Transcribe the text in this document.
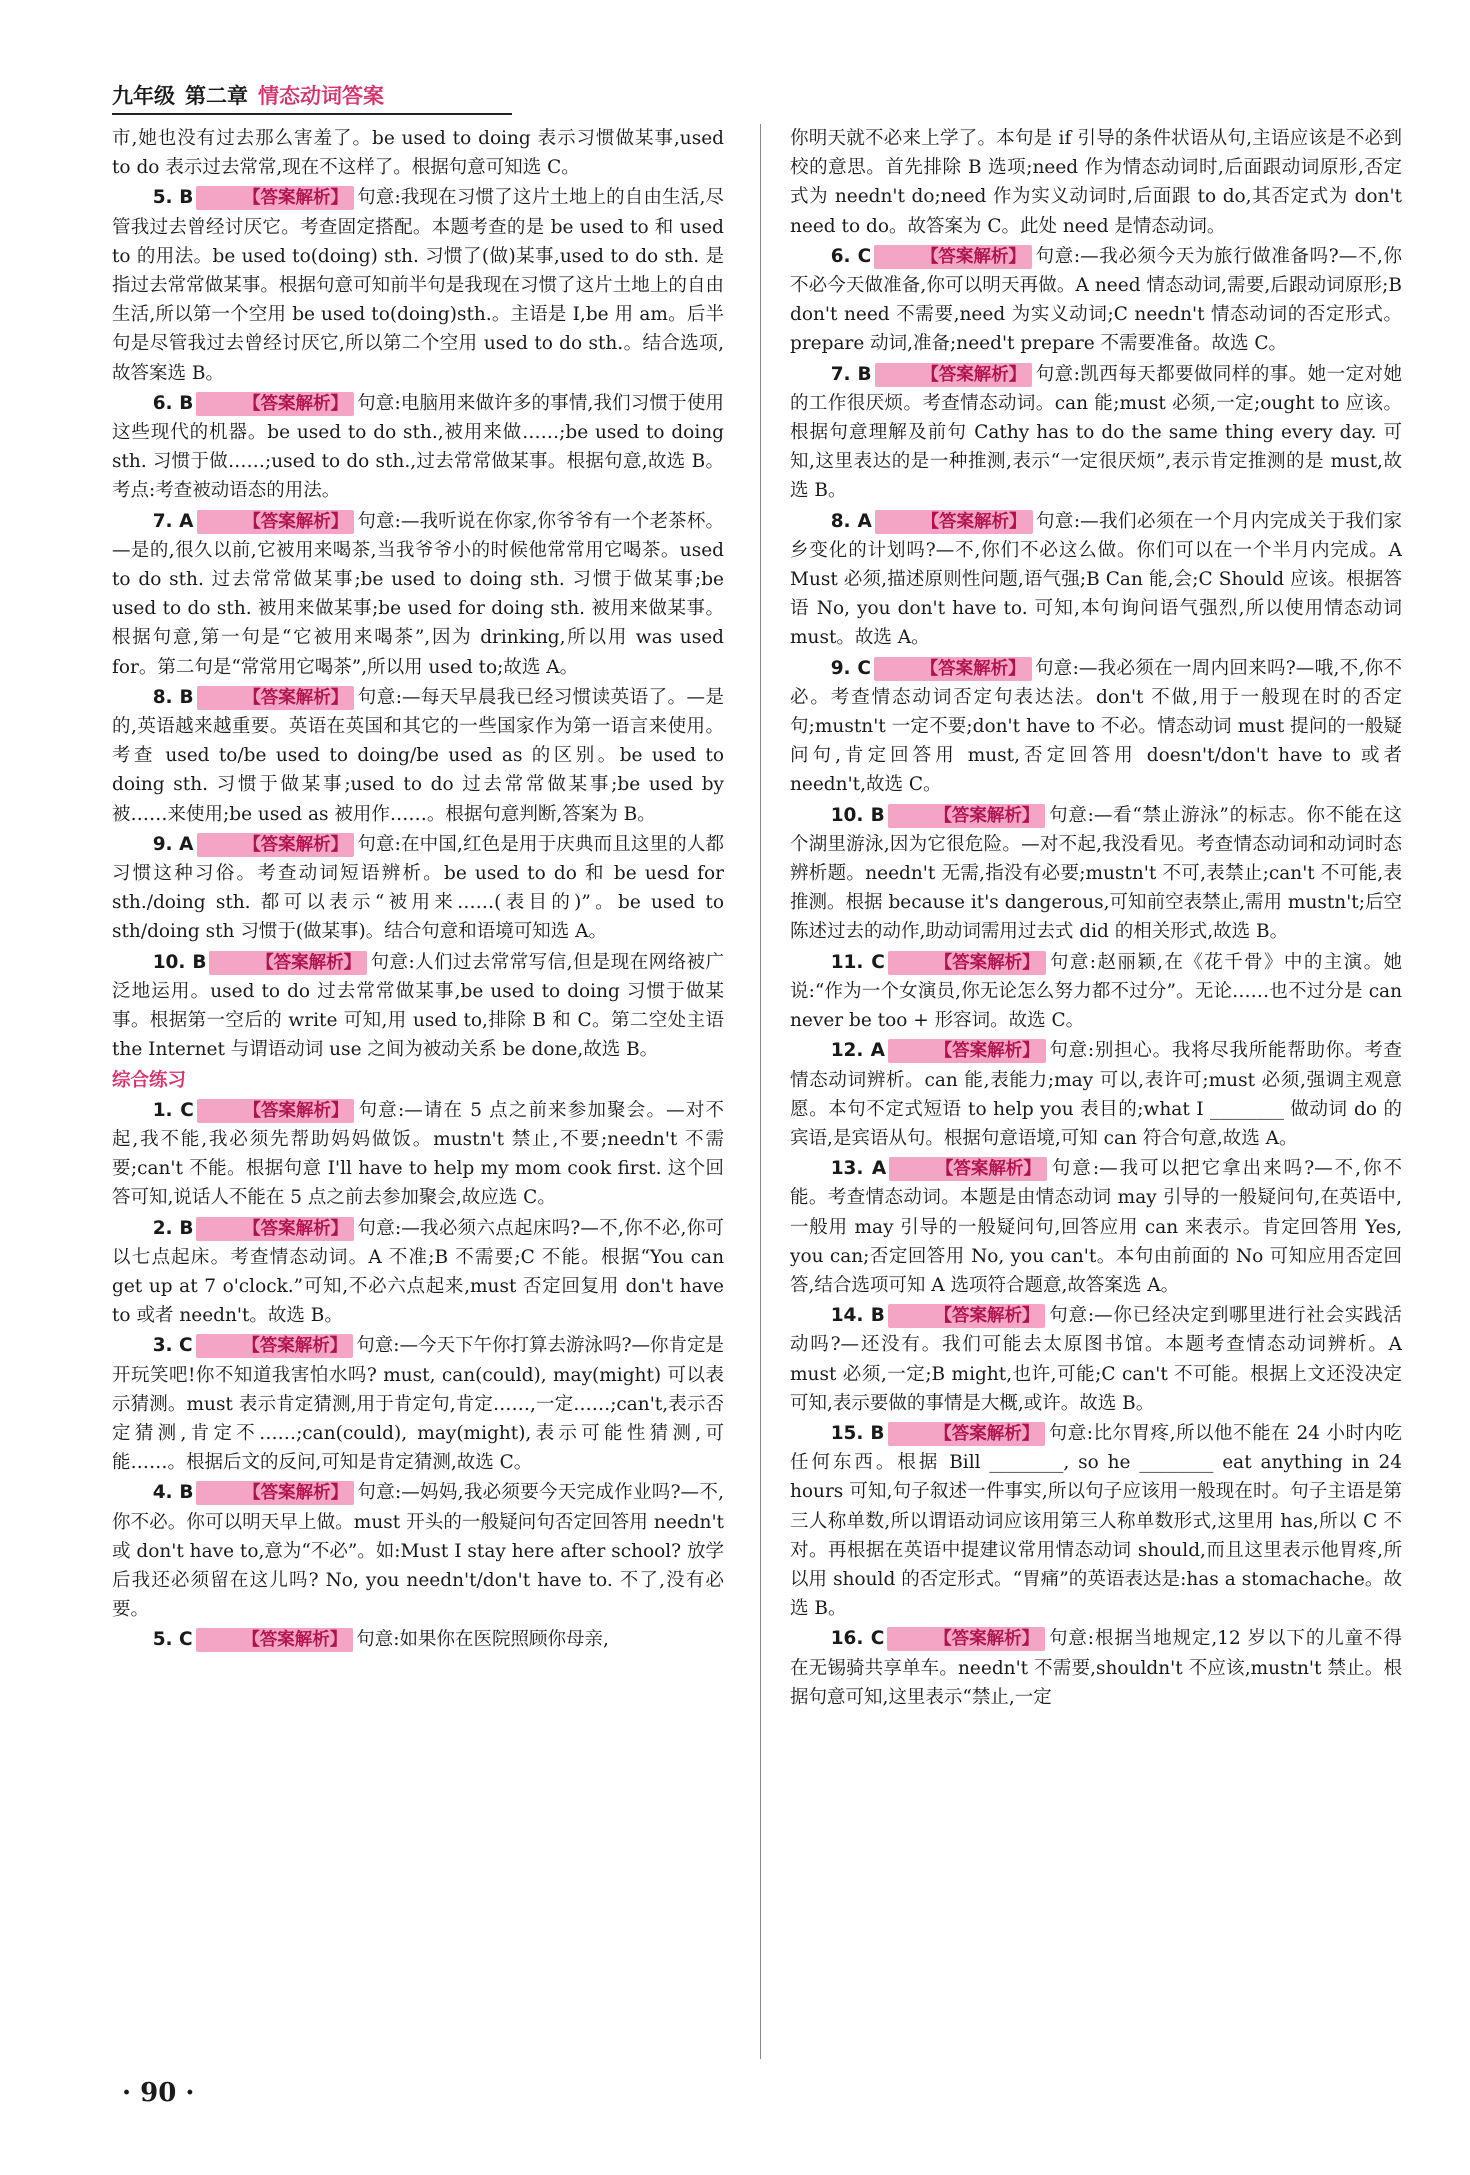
九年级 第二章 情态动词答案

市,她也没有过去那么害羞了。be used to doing 表示习惯做某事,used to do 表示过去常常,现在不这样了。根据句意可知选 C。

5. B	【答案解析】 句意:我现在习惯了这片土地上的自由生活,尽管我过去曾经讨厌它。考查固定搭配。本题考查的是 be used to 和 used to 的用法。be used to(doing) sth. 习惯了(做)某事,used to do sth. 是指过去常常做某事。根据句意可知前半句是我现在习惯了这片土地上的自由生活,所以第一个空用 be used to(doing)sth.。主语是 I,be 用 am。后半句是尽管我过去曾经讨厌它,所以第二个空用 used to do sth.。结合选项,故答案选 B。

6. B	【答案解析】 句意:电脑用来做许多的事情,我们习惯于使用这些现代的机器。be used to do sth.,被用来做……;be used to doing sth. 习惯于做……;used to do sth.,过去常常做某事。根据句意,故选 B。考点:考查被动语态的用法。

7. A	【答案解析】 句意:—我听说在你家,你爷爷有一个老茶杯。—是的,很久以前,它被用来喝茶,当我爷爷小的时候他常常用它喝茶。used to do sth. 过去常常做某事;be used to doing sth. 习惯于做某事;be used to do sth. 被用来做某事;be used for doing sth. 被用来做某事。根据句意,第一句是“它被用来喝茶”,因为 drinking,所以用 was used for。第二句是“常常用它喝茶”,所以用 used to;故选 A。

8. B	【答案解析】 句意:—每天早晨我已经习惯读英语了。—是的,英语越来越重要。英语在英国和其它的一些国家作为第一语言来使用。考查 used to/be used to doing/be used as 的区别。be used to doing sth. 习惯于做某事;used to do 过去常常做某事;be used by 被……来使用;be used as 被用作……。根据句意判断,答案为 B。

9. A	【答案解析】 句意:在中国,红色是用于庆典而且这里的人都习惯这种习俗。考查动词短语辨析。be used to do 和 be uesd for sth./doing sth. 都可以表示“被用来……(表目的)”。be used to sth/doing sth 习惯于(做某事)。结合句意和语境可知选 A。

10. B	【答案解析】 句意:人们过去常常写信,但是现在网络被广泛地运用。used to do 过去常常做某事,be used to doing 习惯于做某事。根据第一空后的 write 可知,用 used to,排除 B 和 C。第二空处主语 the Internet 与谓语动词 use 之间为被动关系 be done,故选 B。

综合练习

1. C	【答案解析】 句意:—请在 5 点之前来参加聚会。—对不起,我不能,我必须先帮助妈妈做饭。mustn't 禁止,不要;needn't 不需要;can't 不能。根据句意 I'll have to help my mom cook first. 这个回答可知,说话人不能在 5 点之前去参加聚会,故应选 C。

2. B	【答案解析】 句意:—我必须六点起床吗?—不,你不必,你可以七点起床。考查情态动词。A 不准;B 不需要;C 不能。根据“You can get up at 7 o'clock.”可知,不必六点起来,must 否定回复用 don't have to 或者 needn't。故选 B。

3. C	【答案解析】 句意:—今天下午你打算去游泳吗?—你肯定是开玩笑吧!你不知道我害怕水吗? must, can(could), may(might) 可以表示猜测。must 表示肯定猜测,用于肯定句,肯定……,一定……;can't,表示否定猜测,肯定不……;can(could), may(might),表示可能性猜测,可能……。根据后文的反问,可知是肯定猜测,故选 C。

4. B	【答案解析】 句意:—妈妈,我必须要今天完成作业吗?—不,你不必。你可以明天早上做。must 开头的一般疑问句否定回答用 needn't 或 don't have to,意为“不必”。如:Must I stay here after school? 放学后我还必须留在这儿吗? No, you needn't/don't have to. 不了,没有必要。

5. C	【答案解析】 句意:如果你在医院照顾你母亲,

你明天就不必来上学了。本句是 if 引导的条件状语从句,主语应该是不必到校的意思。首先排除 B 选项;need 作为情态动词时,后面跟动词原形,否定式为 needn't do;need 作为实义动词时,后面跟 to do,其否定式为 don't need to do。故答案为 C。此处 need 是情态动词。

6. C	【答案解析】 句意:—我必须今天为旅行做准备吗?—不,你不必今天做准备,你可以明天再做。A need 情态动词,需要,后跟动词原形;B don't need 不需要,need 为实义动词;C needn't 情态动词的否定形式。prepare 动词,准备;need't prepare 不需要准备。故选 C。

7. B	【答案解析】 句意:凯西每天都要做同样的事。她一定对她的工作很厌烦。考查情态动词。can 能;must 必须,一定;ought to 应该。根据句意理解及前句 Cathy has to do the same thing every day. 可知,这里表达的是一种推测,表示“一定很厌烦”,表示肯定推测的是 must,故选 B。

8. A	【答案解析】 句意:—我们必须在一个月内完成关于我们家乡变化的计划吗?—不,你们不必这么做。你们可以在一个半月内完成。A Must 必须,描述原则性问题,语气强;B Can 能,会;C Should 应该。根据答语 No, you don't have to. 可知,本句询问语气强烈,所以使用情态动词 must。故选 A。

9. C	【答案解析】 句意:—我必须在一周内回来吗?—哦,不,你不必。考查情态动词否定句表达法。don't 不做,用于一般现在时的否定句;mustn't 一定不要;don't have to 不必。情态动词 must 提问的一般疑问句,肯定回答用 must,否定回答用 doesn't/don't have to 或者 needn't,故选 C。

10. B	【答案解析】 句意:—看“禁止游泳”的标志。你不能在这个湖里游泳,因为它很危险。—对不起,我没看见。考查情态动词和动词时态辨析题。needn't 无需,指没有必要;mustn't 不可,表禁止;can't 不可能,表推测。根据 because it's dangerous,可知前空表禁止,需用 mustn't;后空陈述过去的动作,助动词需用过去式 did 的相关形式,故选 B。

11. C	【答案解析】 句意:赵丽颖,在《花千骨》中的主演。她说:“作为一个女演员,你无论怎么努力都不过分”。无论……也不过分是 can never be too + 形容词。故选 C。

12. A	【答案解析】 句意:别担心。我将尽我所能帮助你。考查情态动词辨析。can 能,表能力;may 可以,表许可;must 必须,强调主观意愿。本句不定式短语 to help you 表目的;what I ________ 做动词 do 的宾语,是宾语从句。根据句意语境,可知 can 符合句意,故选 A。

13. A	【答案解析】 句意:—我可以把它拿出来吗?—不,你不能。考查情态动词。本题是由情态动词 may 引导的一般疑问句,在英语中,一般用 may 引导的一般疑问句,回答应用 can 来表示。肯定回答用 Yes, you can;否定回答用 No, you can't。本句由前面的 No 可知应用否定回答,结合选项可知 A 选项符合题意,故答案选 A。

14. B	【答案解析】 句意:—你已经决定到哪里进行社会实践活动吗?—还没有。我们可能去太原图书馆。本题考查情态动词辨析。A must 必须,一定;B might,也许,可能;C can't 不可能。根据上文还没决定可知,表示要做的事情是大概,或许。故选 B。

15. B	【答案解析】 句意:比尔胃疼,所以他不能在 24 小时内吃任何东西。根据 Bill ________, so he ________ eat anything in 24 hours 可知,句子叙述一件事实,所以句子应该用一般现在时。句子主语是第三人称单数,所以谓语动词应该用第三人称单数形式,这里用 has,所以 C 不对。再根据在英语中提建议常用情态动词 should,而且这里表示他胃疼,所以用 should 的否定形式。“胃痛”的英语表达是:has a stomachache。故选 B。

16. C	【答案解析】 句意:根据当地规定,12 岁以下的儿童不得在无锡骑共享单车。needn't 不需要,shouldn't 不应该,mustn't 禁止。根据句意可知,这里表示“禁止,一定

· 90 ·
